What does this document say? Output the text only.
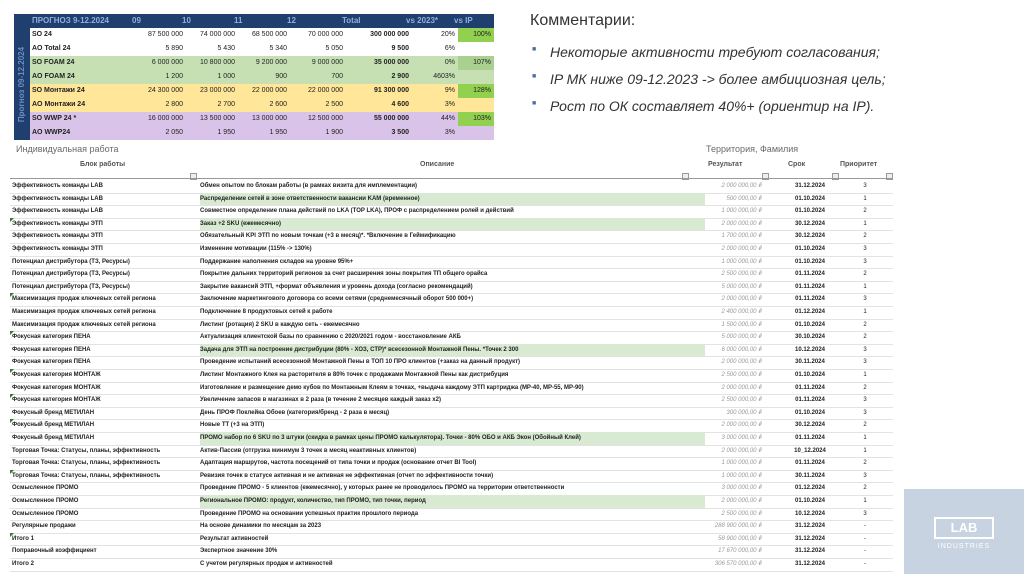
ПРОГНОЗ 9-12.2024	09	10	11	12	Total	vs 2023* vs IP
Прогноз 09-12.2024
SO 24	87 500 000	74 000 000	68 500 000	70 000 000	300 000 000	20%	100%
AO Total 24	5 890	5 430	5 340	5 050	9 500	6%
SO FOAM 24	6 000 000	10 800 000	9 200 000	9 000 000	35 000 000	0%	107%
AO FOAM 24	1 200	1 000	900	700	2 900	4603%
SO Монтажи 24	24 300 000	23 000 000	22 000 000	22 000 000	91 300 000	9%	128%
AO Монтажи 24	2 800	2 700	2 600	2 500	4 600	3%
SO WWP 24 *	16 000 000	13 500 000	13 000 000	12 500 000	55 000 000	44%	103%
AO WWP24	2 050	1 950	1 950	1 900	3 500	3%
Комментарии:
■ Некоторые активности требуют согласования;
■ IP МК ниже 09-12.2023 -> более амбициозная цель;
■ Рост по ОК составляет 40%+ (ориентир на IP).
Индивидуальная работа	Территория, Фамилия
Блок работы	Описание	Результат	Срок	Приоритет
Эффективность команды LAB	Обмен опытом по блокам работы (в рамках визита для имплементации)	2 000 000,00 ₽	31.12.2024	3
Эффективность команды LAB	Распределение сетей в зоне ответственности вакансии KAM (временное)	500 000,00 ₽	01.10.2024	1
Эффективность команды LAB	Совместное определение плана действий по LKA (TOP LKA), ПРОФ с распределением ролей и действий	1 000 000,00 ₽	01.10.2024	2
Эффективность команды ЭТП	Заказ +2 SKU (ежемесячно)	2 000 000,00 ₽	30.12.2024	1
Эффективность команды ЭТП	Обязательный KPI ЭТП по новым точкам (+3 в месяц)*. *Включение в Геймификацию	1 700 000,00 ₽	30.12.2024	2
Эффективность команды ЭТП	Изменение мотивации (115% -> 130%)	2 000 000,00 ₽	01.10.2024	3
Потенциал дистрибутора (ТЗ, Ресурсы)	Поддержание наполнения складов на уровне 95%+	1 000 000,00 ₽	01.10.2024	3
Потенциал дистрибутора (ТЗ, Ресурсы)	Покрытие дальних территорий регионов за счет расширения зоны покрытия ТП общего opaйса	2 500 000,00 ₽	01.11.2024	2
Потенциал дистрибутора (ТЗ, Ресурсы)	Закрытие вакансий ЭТП, +формат объявления и уровень дохода (согласно рекомендаций)	5 000 000,00 ₽	01.11.2024	1
Максимизация продаж ключевых сетей регионa	Заключение маркетингового договора со всеми сетями (среднемесячный оборот 500 000+)	2 000 000,00 ₽	01.11.2024	3
Максимизация продаж ключевых сетей регионa	Подключение 8 продуктовых сетей к работе	2 400 000,00 ₽	01.12.2024	1
Максимизация продаж ключевых сетей регионa	Листинг (ротация) 2 SKU в каждую сеть - ежемесячно	1 500 000,00 ₽	01.10.2024	2
Фокусная категория ПЕНА	Актуализация клиентской базы по сравнению с 2020/2021 годом - восстановление АКБ	5 000 000,00 ₽	30.10.2024	2
Фокусная категория ПЕНА	Задача для ЭТП на построение дистрибуции (80% - ХОЗ, СТР)* всесезонной Монтажной Пены. *Точек 2 300	6 000 000,00 ₽	10.12.2024	3
Фокусная категория ПЕНА	Проведение испытаний всесезонной Монтажной Пены в ТОП 10 ПРО клиентов (+заказ на данный продукт)	2 000 000,00 ₽	30.11.2024	3
Фокусная категория МОНТАЖ	Листинг Монтажного Клея на расторителя в 80% точек с продажами Монтажной Пены как дистрибуция	2 500 000,00 ₽	01.10.2024	1
Фокусная категория МОНТАЖ	Изготовление и размещение демо кубов по Монтажным Клеям в точках, +выдача каждому ЭТП картриджа (МР-40, МР-55, МР-90)	2 000 000,00 ₽	01.11.2024	2
Фокусная категория МОНТАЖ	Увеличение запасов в магазинах в 2 раза (в течение 2 месяцев каждый заказ х2)	2 500 000,00 ₽	01.11.2024	3
Фокусный бренд МЕТИЛАН	День ПРОФ Поклейка Обоев (категория/бренд - 2 раза в месяц)	300 000,00 ₽	01.10.2024	3
Фокусный бренд МЕТИЛАН	Новые ТТ (+3 на ЭТП)	2 000 000,00 ₽	30.12.2024	2
Фокусный бренд МЕТИЛАН	ПРОМО набор по 6 SKU по 3 штуки (скидка в рамках цены ПРОМО калькулятора). Точки - 80% ОБО и АКБ Экон (Обойный Клей)	3 000 000,00 ₽	01.11.2024	1
Торговая Точка: Статусы, планы, эффективность	Актив-Пассив (отгрузка минимум 3 точек в месяц неактивных клиентов)	2 000 000,00 ₽	10_12.2024	1
Торговая Точка: Статусы, планы, эффективность	Адаптация маршрутов, частота посещений от типа точки и продаж (основание отчет BI Tool)	1 000 000,00 ₽	01.11.2024	2
Торговая Точка: Статусы, планы, эффективность	Ревизия точек в статусе активная и не активная не эффективная (отчет по эффективности точки)	1 000 000,00 ₽	30.11.2024	3
Осмысленное ПРОМО	Проведение ПРОМО - 5 клиентов (ежемесячно), у которых ранее не проводилось ПРОМО на территории ответственности	3 000 000,00 ₽	01.12.2024	2
Осмысленное ПРОМО	Региональное ПРОМО: продукт, количество, тип ПРОМО, тип точки, период	2 000 000,00 ₽	01.10.2024	1
Осмысленное ПРОМО	Проведение ПРОМО на основании успешных практик прошлого периода	2 500 000,00 ₽	10.12.2024	3
Регулярные продажи	На основе динамики по месяцам за 2023	288 900 000,00 ₽	31.12.2024	-
Итого 1	Результат активностей	58 900 000,00 ₽	31.12.2024	-
Поправочный коэффициент	Экспертное значение 30%	17 670 000,00 ₽	31.12.2024	-
Итого 2	С учетом регулярных продаж и активностей	306 570 000,00 ₽	31.12.2024	-
LAB
INDUSTRIES
